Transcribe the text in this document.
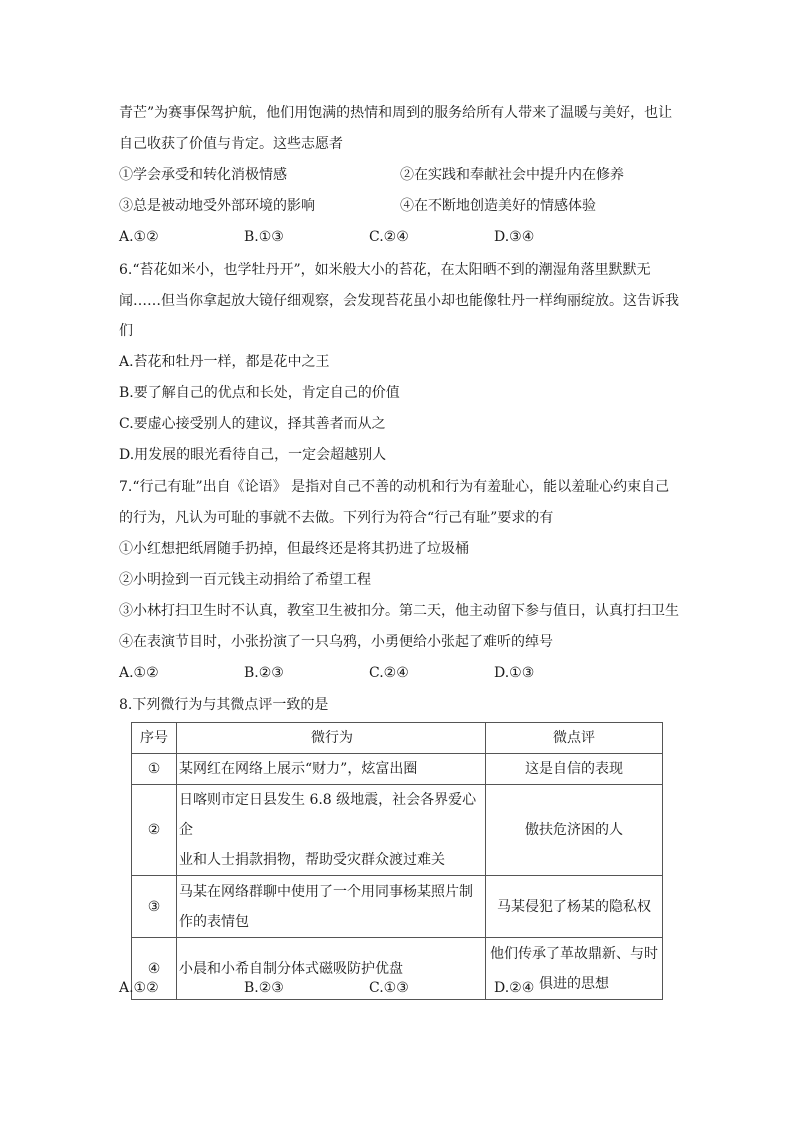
青芒”为赛事保驾护航，他们用饱满的热情和周到的服务给所有人带来了温暖与美好，也让
自己收获了价值与肯定。这些志愿者
①学会承受和转化消极情感	②在实践和奉献社会中提升内在修养
③总是被动地受外部环境的影响	④在不断地创造美好的情感体验
A.①②	B.①③	C.②④	D.③④
6.“苔花如米小，也学牡丹开”，如米般大小的苔花，在太阳晒不到的潮湿角落里默默无
闻……但当你拿起放大镜仔细观察，会发现苔花虽小却也能像牡丹一样绚丽绽放。这告诉我
们
A.苔花和牡丹一样，都是花中之王
B.要了解自己的优点和长处，肯定自己的价值
C.要虚心接受别人的建议，择其善者而从之
D.用发展的眼光看待自己，一定会超越别人
7.“行己有耻”出自《论语》 是指对自己不善的动机和行为有羞耻心，能以羞耻心约束自己
的行为，凡认为可耻的事就不去做。下列行为符合“行己有耻”要求的有
①小红想把纸屑随手扔掉，但最终还是将其扔进了垃圾桶
②小明捡到一百元钱主动捐给了希望工程
③小林打扫卫生时不认真，教室卫生被扣分。第二天，他主动留下参与值日，认真打扫卫生
④在表演节目时，小张扮演了一只乌鸦，小勇便给小张起了难听的绰号
A.①②	B.②③	C.②④	D.①③
8.下列微行为与其微点评一致的是
序号	微行为	微点评
①	某网红在网络上展示“财力”，炫富出圈	这是自信的表现
②	日喀则市定日县发生 6.8 级地震，社会各界爱心企
业和人士捐款捐物，帮助受灾群众渡过难关	傲扶危济困的人
③	马某在网络群聊中使用了一个用同事杨某照片制
作的表情包	马某侵犯了杨某的隐私权
④	小晨和小希自制分体式磁吸防护优盘	他们传承了革故鼎新、与时
俱进的思想
A.①②	B.②③	C.①③	D.②④
